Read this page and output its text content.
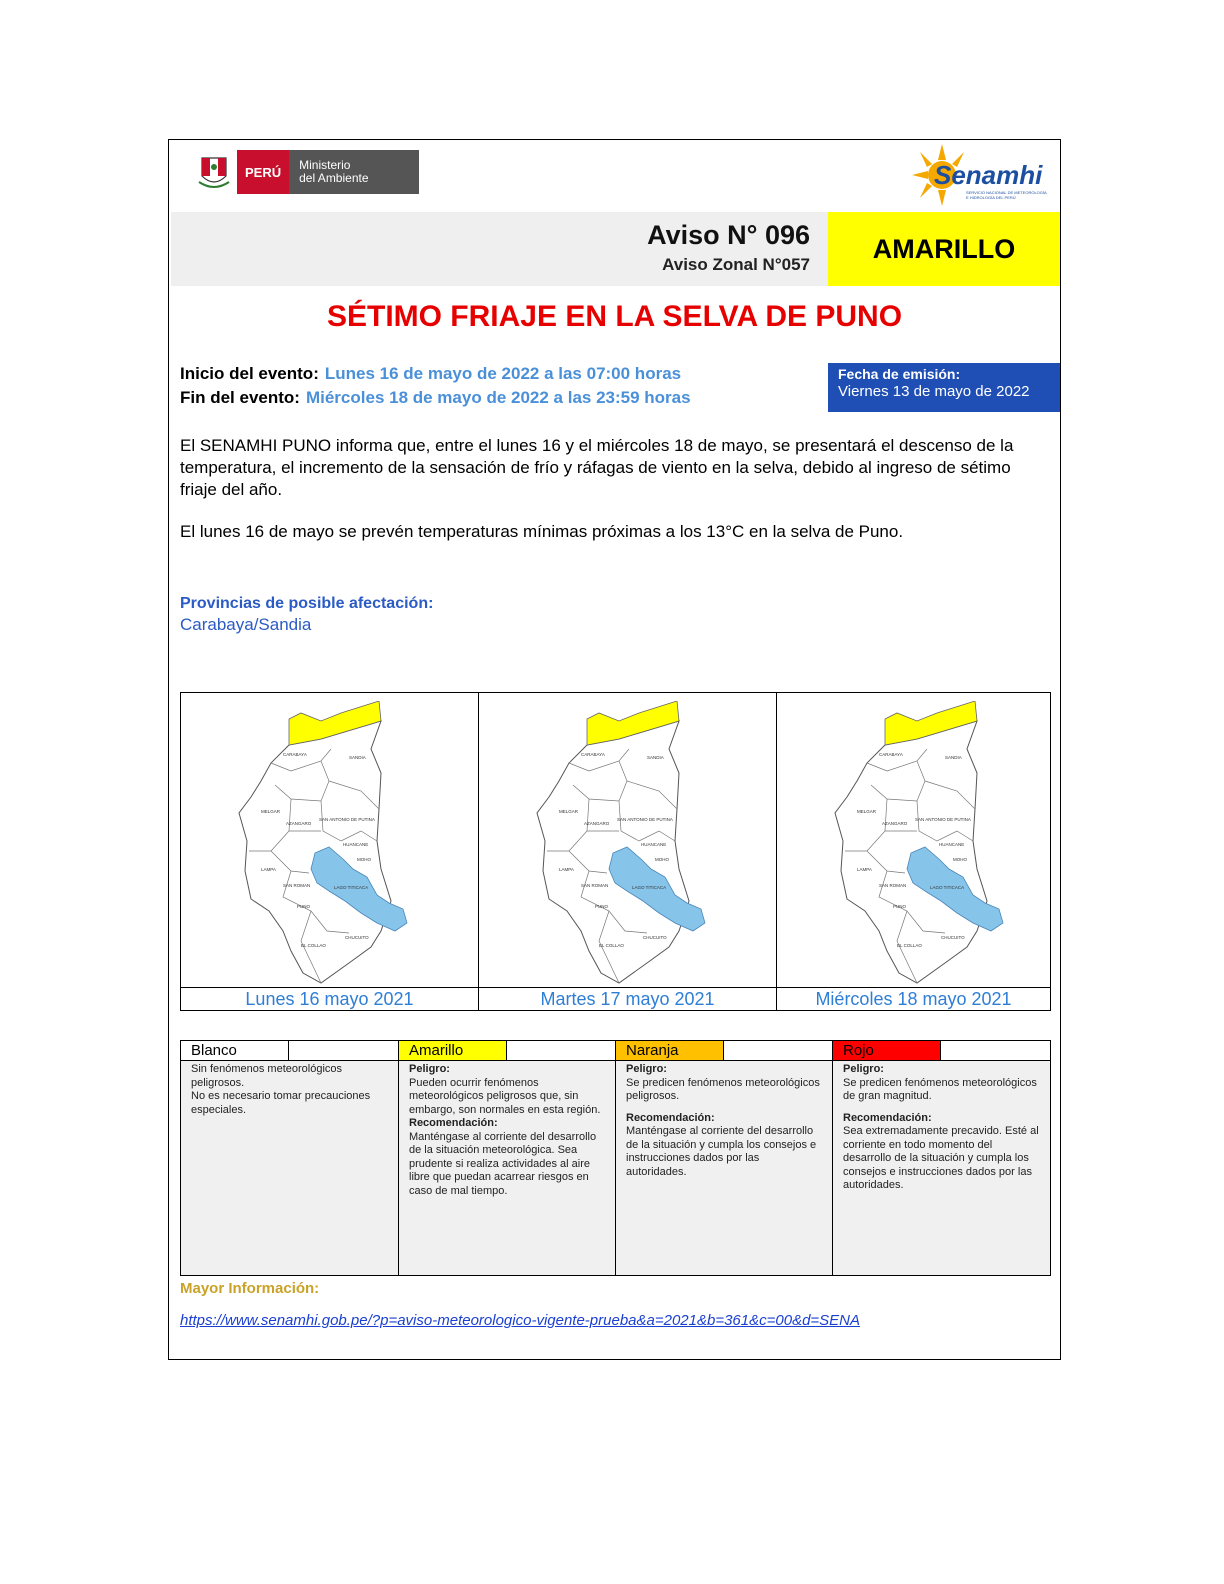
PERÚ	Ministerio
del Ambiente	Senamhi
SERVICIO NACIONAL DE METEOROLOGÍA E HIDROLOGÍA DEL PERÚ
Aviso N° 096
Aviso Zonal N°057
AMARILLO
SÉTIMO FRIAJE EN LA SELVA DE PUNO
Inicio del evento: Lunes 16 de mayo de 2022 a las 07:00 horas
Fin del evento: Miércoles 18 de mayo de 2022 a las 23:59 horas
Fecha de emisión:
Viernes 13 de mayo de 2022
El SENAMHI PUNO informa que, entre el lunes 16 y el miércoles 18 de mayo, se presentará el descenso de la temperatura, el incremento de la sensación de frío y ráfagas de viento en la selva, debido al ingreso de sétimo friaje del año.
El lunes 16 de mayo se prevén temperaturas mínimas próximas a los 13°C en la selva de Puno.
Provincias de posible afectación:
Carabaya/Sandia
CARABAYA
SANDIA
MELGAR
AZANGARO
SAN ANTONIO DE PUTINA
HUANCANE
MOHO
LAMPA
SAN ROMAN	LAGO TITICACA
PUNO
EL COLLAO
CHUCUITO
CARABAYA
SANDIA
MELGAR
AZANGARO
SAN ANTONIO DE PUTINA
HUANCANE
MOHO
LAMPA
SAN ROMAN	LAGO TITICACA
PUNO
EL COLLAO
CHUCUITO
CARABAYA
SANDIA
MELGAR
AZANGARO
SAN ANTONIO DE PUTINA
HUANCANE
MOHO
LAMPA
SAN ROMAN	LAGO TITICACA
PUNO
EL COLLAO
CHUCUITO
Lunes 16 mayo 2021	Martes 17 mayo 2021	Miércoles 18 mayo 2021
Blanco
Sin fenómenos meteorológicos peligrosos.
No es necesario tomar precauciones especiales.
Amarillo
Peligro:
Pueden ocurrir fenómenos meteorológicos peligrosos que, sin embargo, son normales en esta región.
Recomendación:
Manténgase al corriente del desarrollo de la situación meteorológica. Sea prudente si realiza actividades al aire libre que puedan acarrear riesgos en caso de mal tiempo.
Naranja
Peligro:
Se predicen fenómenos meteorológicos peligrosos.
Recomendación:
Manténgase al corriente del desarrollo de la situación y cumpla los consejos e instrucciones dados por las autoridades.
Rojo
Peligro:
Se predicen fenómenos meteorológicos de gran magnitud.
Recomendación:
Sea extremadamente precavido. Esté al corriente en todo momento del desarrollo de la situación y cumpla los consejos e instrucciones dados por las autoridades.
Mayor Información:
https://www.senamhi.gob.pe/?p=aviso-meteorologico-vigente-prueba&a=2021&b=361&c=00&d=SENA
